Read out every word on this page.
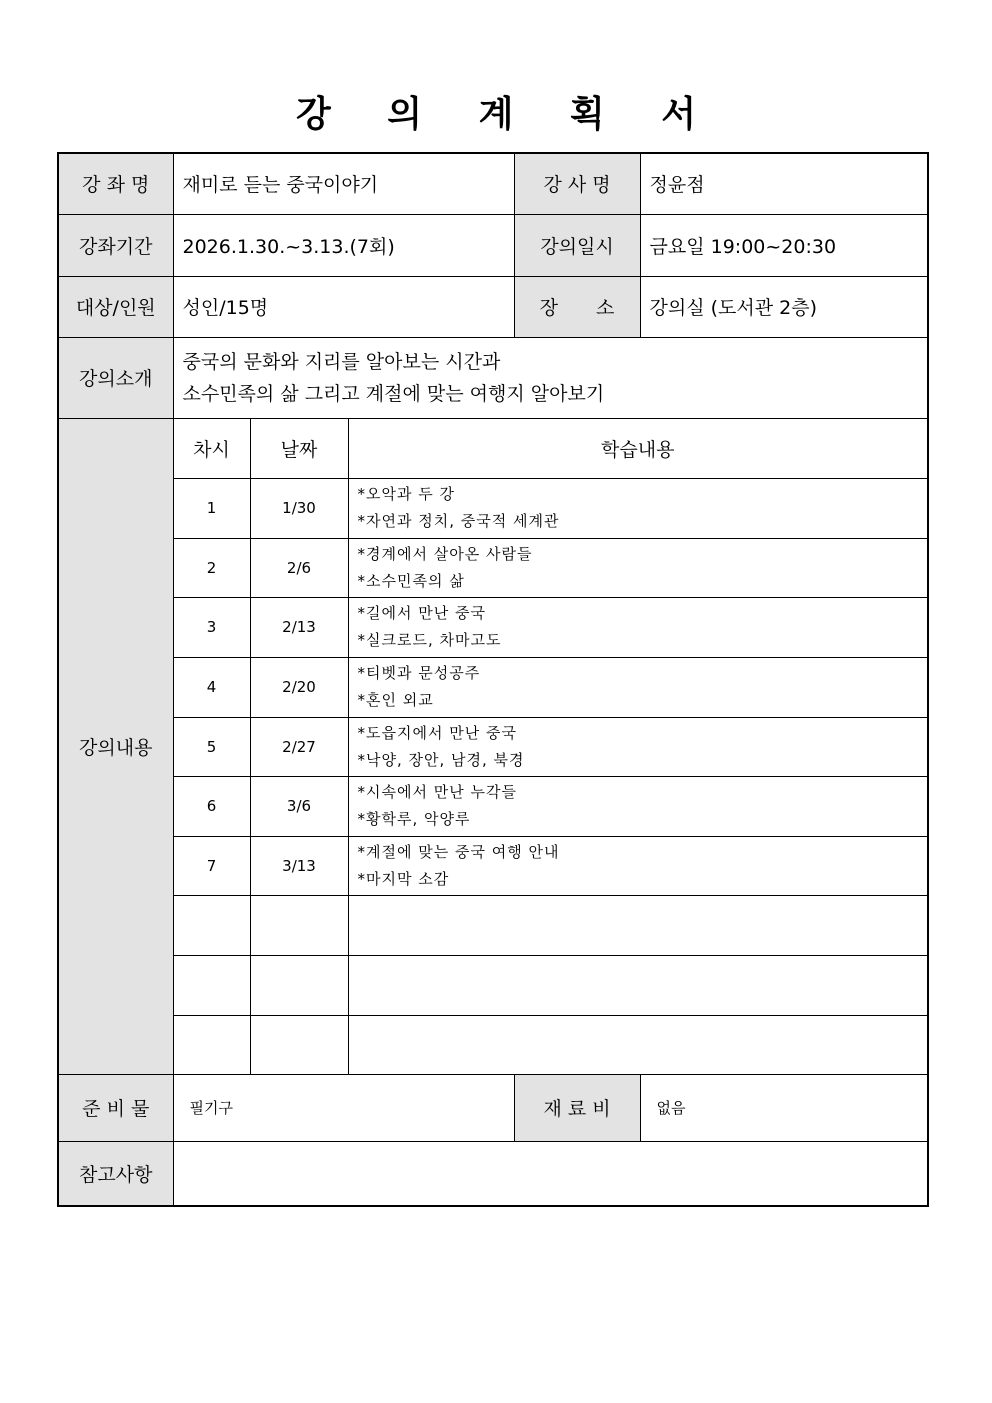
강 의 계 획 서
강 좌 명	재미로 듣는 중국이야기			강 사 명	정윤점
강좌기간	2026.1.30.~3.13.(7회)			강의일시	금요일 19:00~20:30
대상/인원	성인/15명			장　　소	강의실 (도서관 2층)
강의소개	중국의 문화와 지리를 알아보는 시간과
소수민족의 삶 그리고 계절에 맞는 여행지 알아보기				

강의내용	차시	날짜	학습내용		
	1	1/30	*오악과 두 강
*자연과 정치, 중국적 세계관		

	2	2/6	*경계에서 살아온 사람들
*소수민족의 삶		

	3	2/13	*길에서 만난 중국
*실크로드, 차마고도		

	4	2/20	*티벳과 문성공주
*혼인 외교		

	5	2/27	*도읍지에서 만난 중국
*낙양, 장안, 남경, 북경		

	6	3/6	*시속에서 만난 누각들
*황학루, 악양루		

	7	3/13	*계절에 맞는 중국 여행 안내
*마지막 소감		

준 비 물	필기구			재 료 비	없음
참고사항					
